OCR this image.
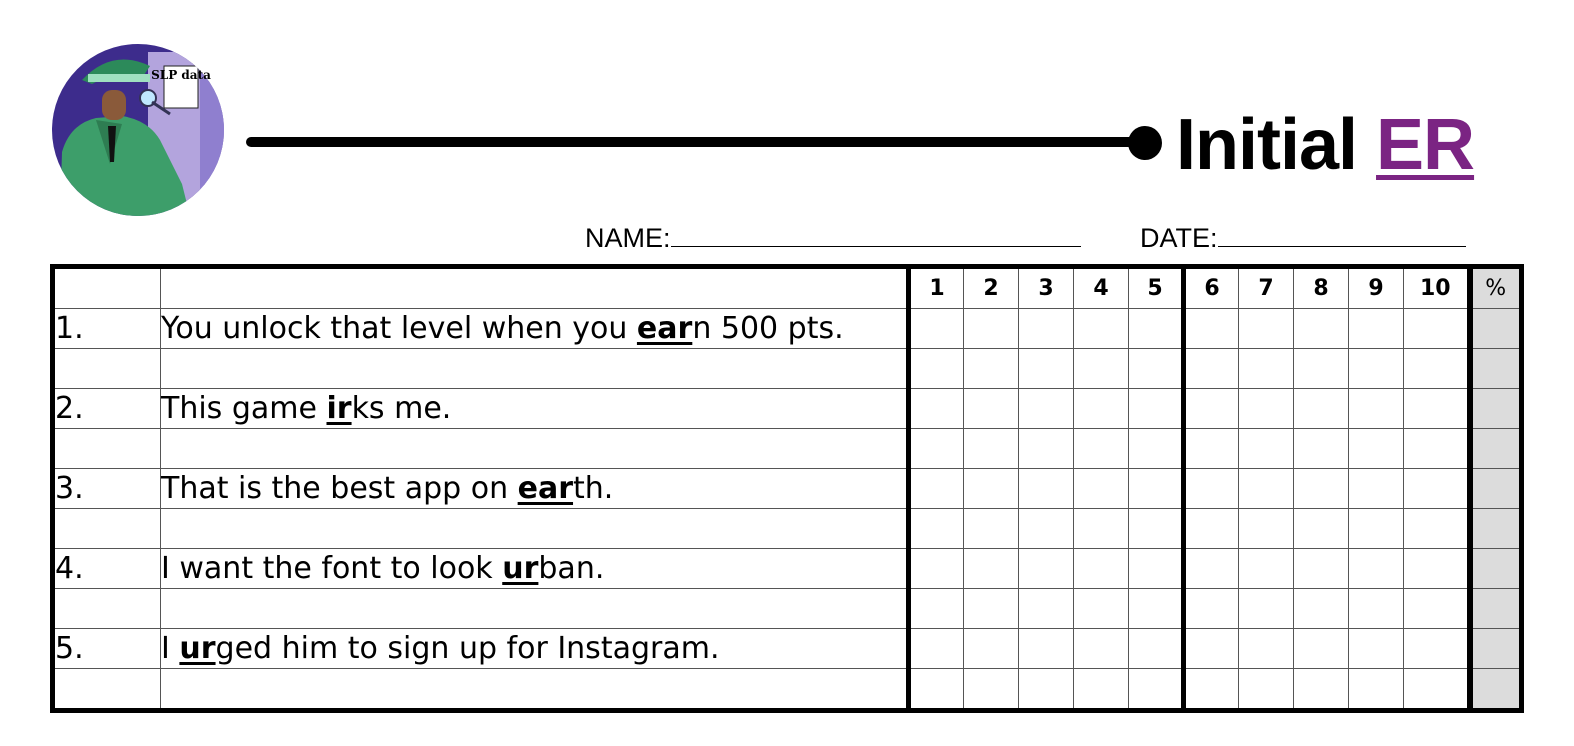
SLP data
Initial ER
NAME:	DATE:
		1	2	3	4	5	6	7	8	9	10	%
1.	You unlock that level when you earn 500 pts.											

2.	This game irks me.											

3.	That is the best app on earth.											

4.	I want the font to look urban.											

5.	I urged him to sign up for Instagram.											
